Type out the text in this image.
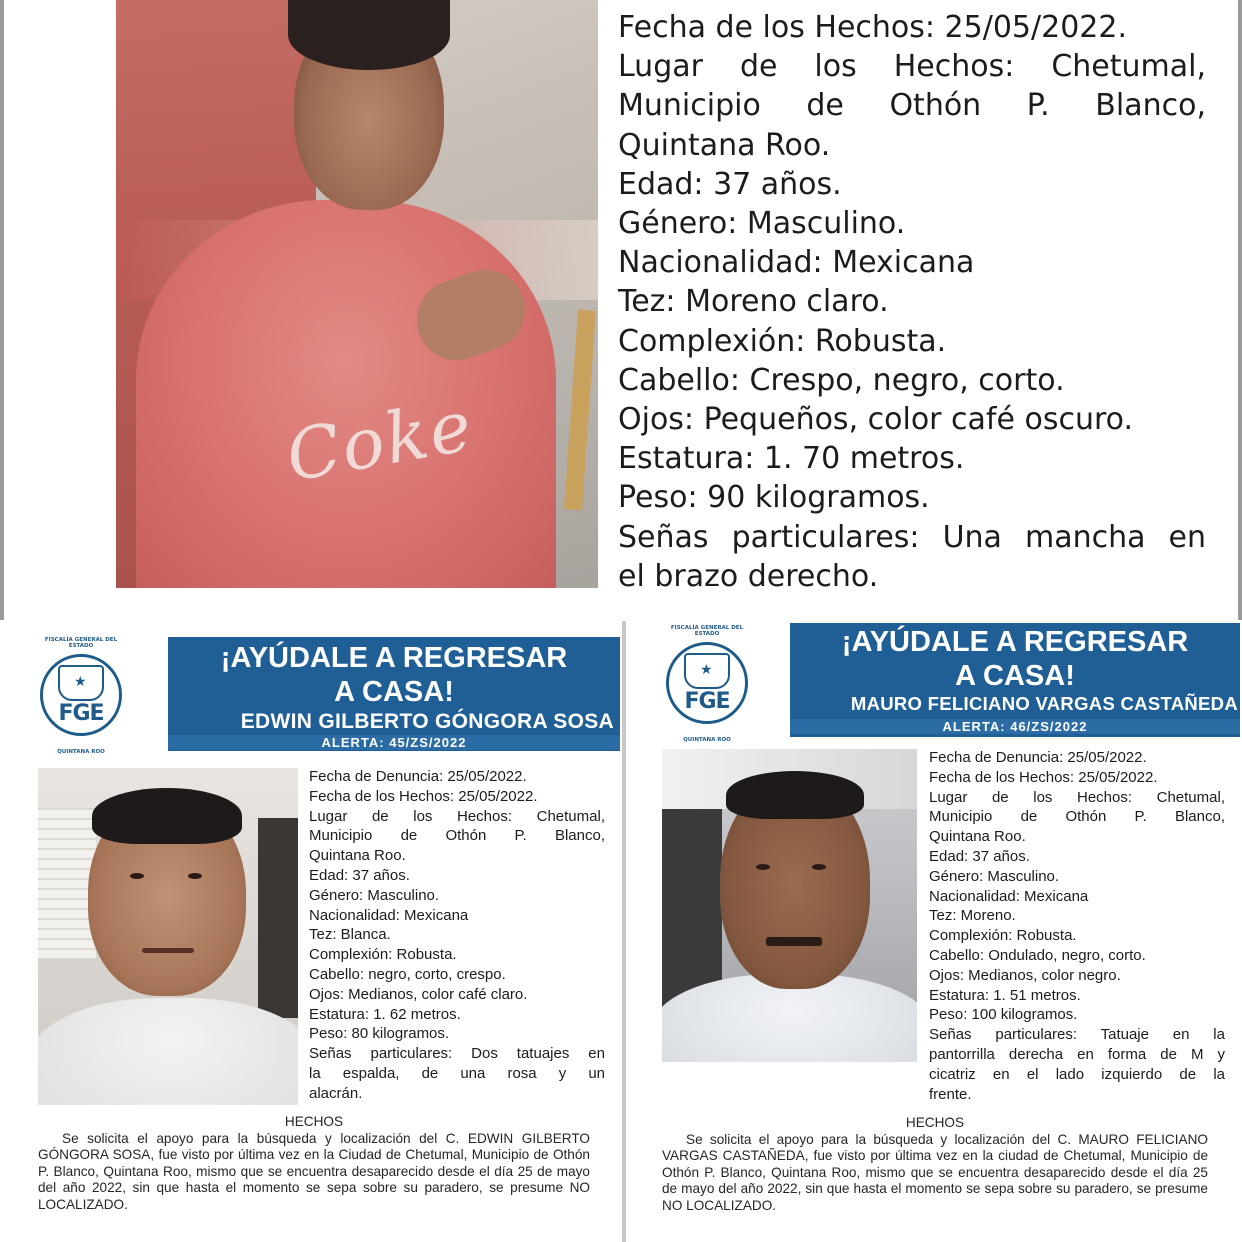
Coke
Fecha de los Hechos: 25/05/2022.
Lugar de los Hechos: Chetumal,
Municipio de Othón P. Blanco,
Quintana Roo.
Edad: 37 años.
Género: Masculino.
Nacionalidad: Mexicana
Tez: Moreno claro.
Complexión: Robusta.
Cabello: Crespo, negro, corto.
Ojos: Pequeños, color café oscuro.
Estatura: 1. 70 metros.
Peso: 90 kilogramos.
Señas particulares: Una mancha en
el brazo derecho.
FISCALÍA GENERAL DEL ESTADO
★
FGE
QUINTANA ROO
¡AYÚDALE A REGRESAR
A CASA!
EDWIN GILBERTO GÓNGORA SOSA
ALERTA: 45/ZS/2022
Fecha de Denuncia: 25/05/2022.
Fecha de los Hechos: 25/05/2022.
Lugar de los Hechos: Chetumal,
Municipio de Othón P. Blanco,
Quintana Roo.
Edad: 37 años.
Género: Masculino.
Nacionalidad: Mexicana
Tez: Blanca.
Complexión: Robusta.
Cabello: negro, corto, crespo.
Ojos: Medianos, color café claro.
Estatura: 1. 62 metros.
Peso: 80 kilogramos.
Señas particulares: Dos tatuajes en
la espalda, de una rosa y un
alacrán.
HECHOS
Se solicita el apoyo para la búsqueda y localización del C. EDWIN GILBERTO GÓNGORA SOSA, fue visto por última vez en la Ciudad de Chetumal, Municipio de Othón P. Blanco, Quintana Roo, mismo que se encuentra desaparecido desde el día 25 de mayo del año 2022, sin que hasta el momento se sepa sobre su paradero, se presume NO LOCALIZADO.
FISCALÍA GENERAL DEL ESTADO
★
FGE
QUINTANA ROO
¡AYÚDALE A REGRESAR
A CASA!
MAURO FELICIANO VARGAS CASTAÑEDA
ALERTA: 46/ZS/2022
Fecha de Denuncia: 25/05/2022.
Fecha de los Hechos: 25/05/2022.
Lugar de los Hechos: Chetumal,
Municipio de Othón P. Blanco,
Quintana Roo.
Edad: 37 años.
Género: Masculino.
Nacionalidad: Mexicana
Tez: Moreno.
Complexión: Robusta.
Cabello: Ondulado, negro, corto.
Ojos: Medianos, color negro.
Estatura: 1. 51 metros.
Peso: 100 kilogramos.
Señas particulares: Tatuaje en la
pantorrilla derecha en forma de M y
cicatriz en el lado izquierdo de la
frente.
HECHOS
Se solicita el apoyo para la búsqueda y localización del C. MAURO FELICIANO VARGAS CASTAÑEDA, fue visto por última vez en la ciudad de Chetumal, Municipio de Othón P. Blanco, Quintana Roo, mismo que se encuentra desaparecido desde el día 25 de mayo del año 2022, sin que hasta el momento se sepa sobre su paradero, se presume NO LOCALIZADO.
